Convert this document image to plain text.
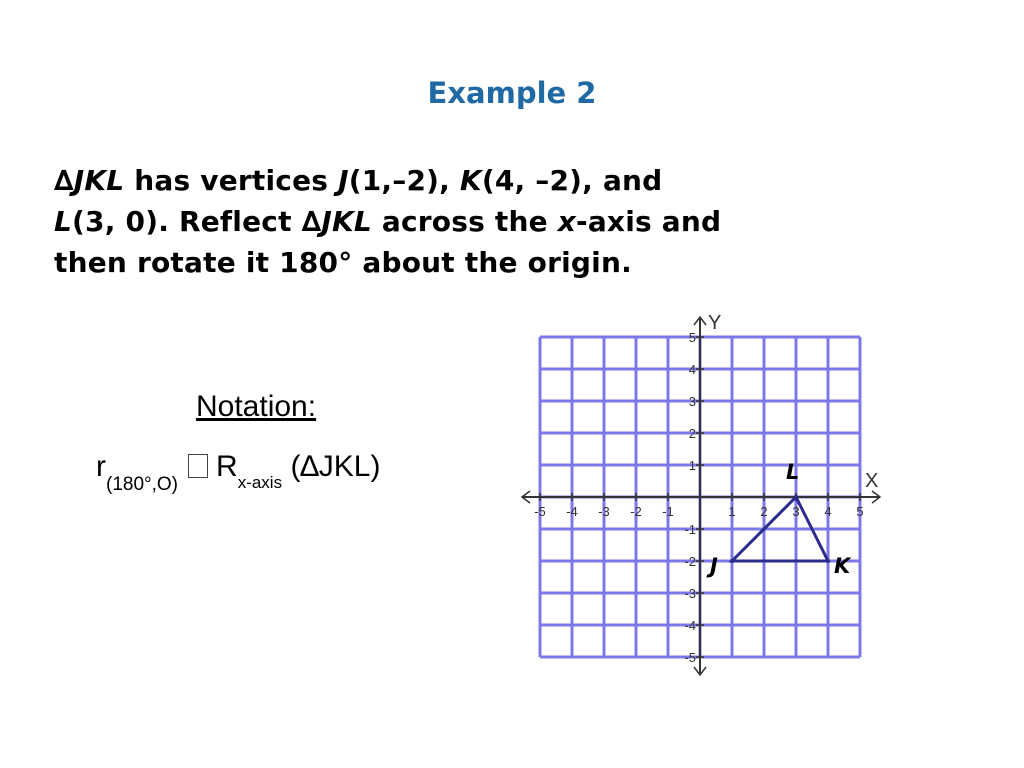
Example 2
∆JKL has vertices J(1,–2), K(4, –2), and
L(3, 0). Reflect ∆JKL across the x-axis and
then rotate it 180° about the origin.
Notation:
$r_{(180^\circ,O)}R_{x-axis}$ (∆JKL)	X
Y
-5 -4 -3 -2 -1	1 2 3 4 5
5
4
3
2
1
-1
-2
-3
-4
-5
J	K
L
